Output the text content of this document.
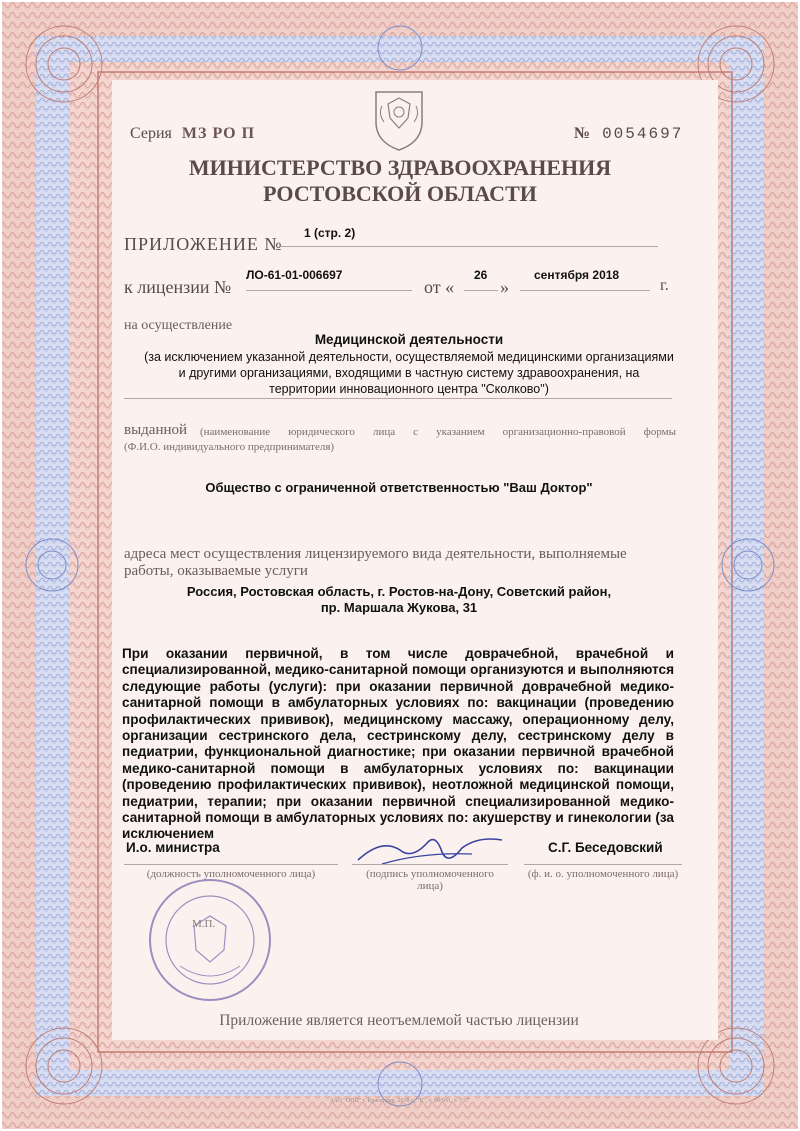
Серия МЗ РО П	№ 0054697
МИНИСТЕРСТВО ЗДРАВООХРАНЕНИЯ
РОСТОВСКОЙ ОБЛАСТИ
ПРИЛОЖЕНИЕ №
1 (стр. 2)
к лицензии №
ЛО-61-01-006697
от «
26
»
сентября 2018
г.
на осуществление
Медицинской деятельности
(за исключением указанной деятельности, осуществляемой медицинскими организациями
и другими организациями, входящими в частную систему здравоохранения, на
территории инновационного центра "Сколково")
выданной (наименование юридического лица с указанием организационно-правовой формы
(Ф.И.О. индивидуального предпринимателя)
Общество с ограниченной ответственностью "Ваш Доктор"
адреса мест осуществления лицензируемого вида деятельности, выполняемые
работы, оказываемые услуги
Россия, Ростовская область, г. Ростов-на-Дону, Советский район,
пр. Маршала Жукова, 31
При оказании первичной, в том числе доврачебной, врачебной и
специализированной, медико-санитарной помощи организуются и выполняются
следующие работы (услуги): при оказании первичной доврачебной медико-
санитарной помощи в амбулаторных условиях по: вакцинации (проведению
профилактических прививок), медицинскому массажу, операционному делу,
организации сестринского дела, сестринскому делу, сестринскому делу в
педиатрии, функциональной диагностике; при оказании первичной врачебной
медико-санитарной помощи в амбулаторных условиях по: вакцинации
(проведению профилактических прививок), неотложной медицинской помощи,
педиатрии, терапии; при оказании первичной специализированной медико-
санитарной помощи в амбулаторных условиях по: акушерству и гинекологии (за
исключением
И.о. министра
(должность уполномоченного лица)	(подпись уполномоченного лица)
С.Г. Беседовский
(ф. и. о. уполномоченного лица)
М.П.
Приложение является неотъемлемой частью лицензии
ЗАО "ОПЦ" г. Краснодар, 2018 г., "Б", з. 88/931, т. 7/17
